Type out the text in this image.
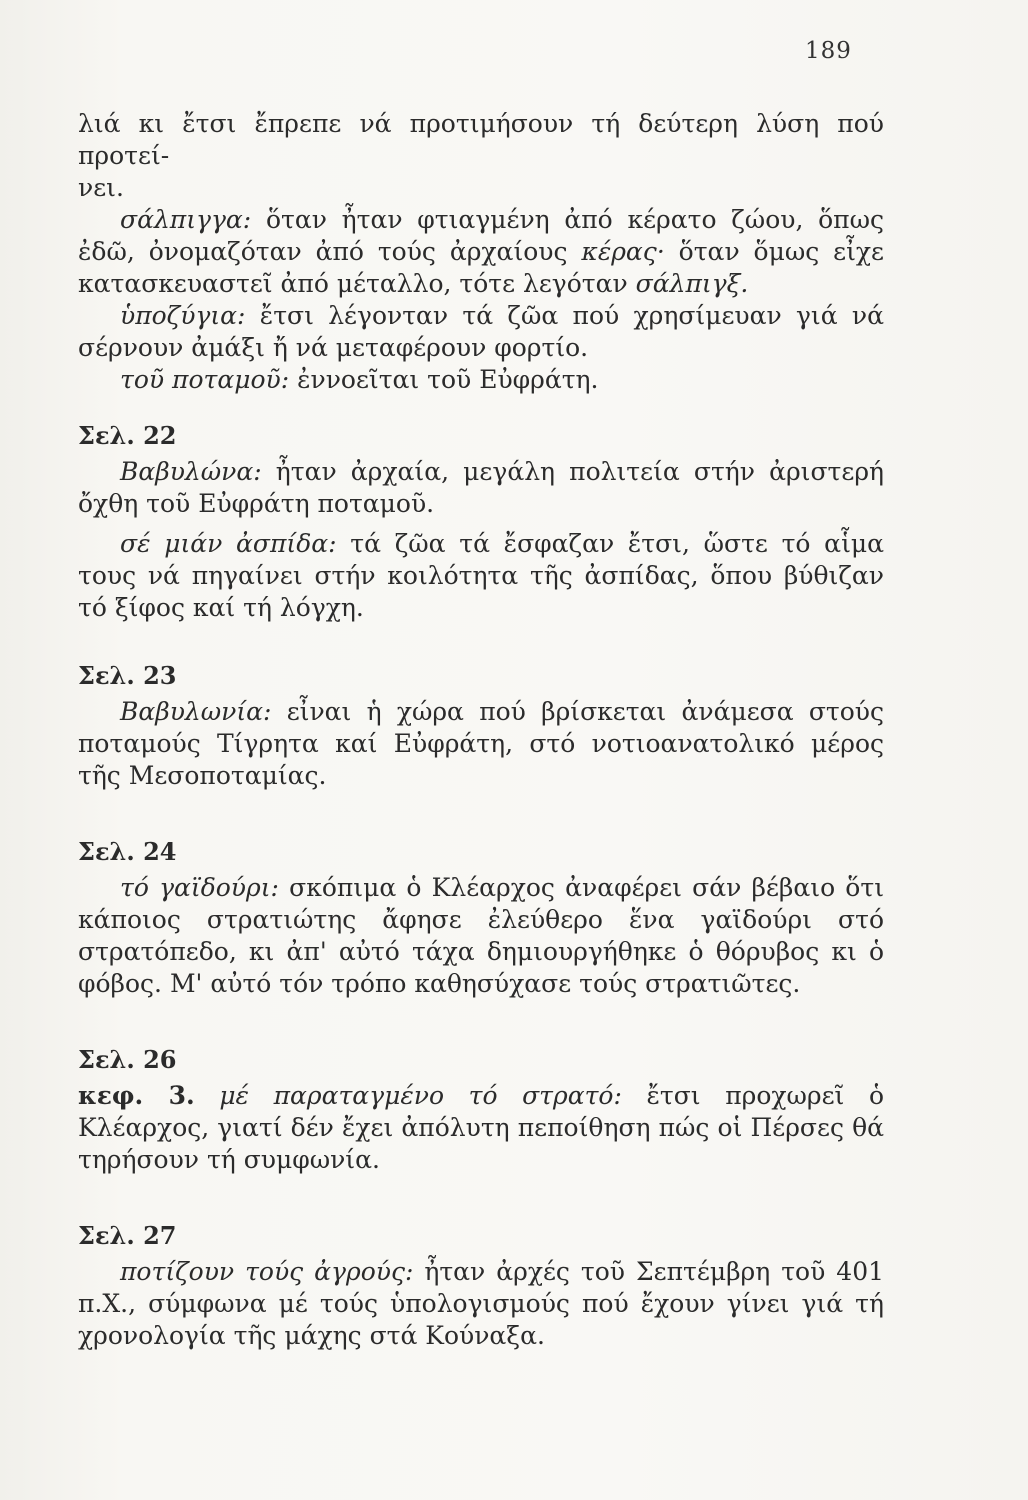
189

λιά κι ἔτσι ἔπρεπε νά προτιμήσουν τή δεύτερη λύση πού προτεί-
νει.

σάλπιγγα: ὅταν ἦταν φτιαγμένη ἀπό κέρατο ζώου, ὅπως ἐδῶ, ὀνομαζόταν ἀπό τούς ἀρχαίους κέρας· ὅταν ὅμως εἶχε κατασκευαστεῖ ἀπό μέταλλο, τότε λεγόταν σάλπιγξ.

ὑποζύγια: ἔτσι λέγονταν τά ζῶα πού χρησίμευαν γιά νά σέρνουν ἀμάξι ἤ νά μεταφέρουν φορτίο.

τοῦ ποταμοῦ: ἐννοεῖται τοῦ Εὐφράτη.

Σελ. 22

Βαβυλώνα: ἦταν ἀρχαία, μεγάλη πολιτεία στήν ἀριστερή ὄχθη τοῦ Εὐφράτη ποταμοῦ.

σέ μιάν ἀσπίδα: τά ζῶα τά ἔσφαζαν ἔτσι, ὥστε τό αἷμα τους νά πηγαίνει στήν κοιλότητα τῆς ἀσπίδας, ὅπου βύθιζαν τό ξίφος καί τή λόγχη.

Σελ. 23

Βαβυλωνία: εἶναι ἡ χώρα πού βρίσκεται ἀνάμεσα στούς ποταμούς Τίγρητα καί Εὐφράτη, στό νοτιοανατολικό μέρος τῆς Μεσοποταμίας.

Σελ. 24

τό γαϊδούρι: σκόπιμα ὁ Κλέαρχος ἀναφέρει σάν βέβαιο ὅτι κάποιος στρατιώτης ἄφησε ἐλεύθερο ἕνα γαϊδούρι στό στρατόπεδο, κι ἀπ' αὐτό τάχα δημιουργήθηκε ὁ θόρυβος κι ὁ φόβος. Μ' αὐτό τόν τρόπο καθησύχασε τούς στρατιῶτες.

Σελ. 26

κεφ. 3. μέ παραταγμένο τό στρατό: ἔτσι προχωρεῖ ὁ Κλέαρχος, γιατί δέν ἔχει ἀπόλυτη πεποίθηση πώς οἱ Πέρσες θά τηρήσουν τή συμφωνία.

Σελ. 27

ποτίζουν τούς ἀγρούς: ἦταν ἀρχές τοῦ Σεπτέμβρη τοῦ 401 π.Χ., σύμφωνα μέ τούς ὑπολογισμούς πού ἔχουν γίνει γιά τή χρονολογία τῆς μάχης στά Κούναξα.
